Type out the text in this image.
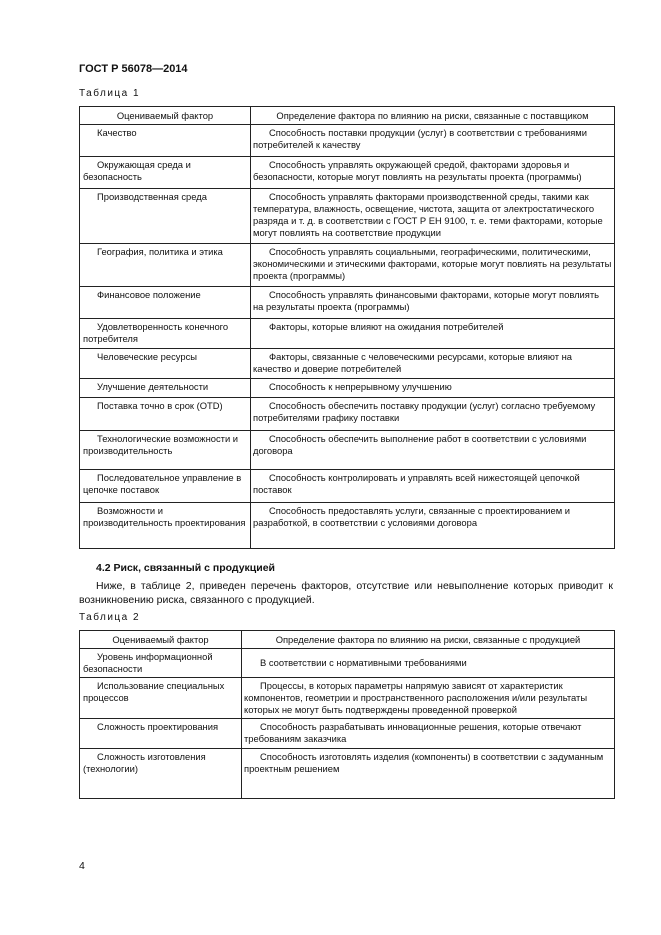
ГОСТ Р 56078—2014
Таблица 1
Оцениваемый фактор	Определение фактора по влиянию на риски, связанные с поставщиком

Качество	Способность поставки продукции (услуг) в соответствии с требованиями потребителей к качеству

Окружающая среда и безопасность	Способность управлять окружающей средой, факторами здоровья и безопасности, которые могут повлиять на результаты проекта (программы)

Производственная среда	Способность управлять факторами производственной среды, такими как температура, влажность, освещение, чистота, защита от электростатического разряда и т. д. в соответствии с ГОСТ Р ЕН 9100, т. е. теми факторами, которые могут повлиять на соответствие продукции

География, политика и этика	Способность управлять социальными, географическими, политическими, экономическими и этическими факторами, которые могут повлиять на результаты проекта (программы)

Финансовое положение	Способность управлять финансовыми факторами, которые могут повлиять на результаты проекта (программы)

Удовлетворенность конечного потребителя	Факторы, которые влияют на ожидания потребителей

Человеческие ресурсы	Факторы, связанные с человеческими ресурсами, которые влияют на качество и доверие потребителей

Улучшение деятельности	Способность к непрерывному улучшению

Поставка точно в срок (OTD)	Способность обеспечить поставку продукции (услуг) согласно требуемому потребителями графику поставки

Технологические возможности и производительность	Способность обеспечить выполнение работ в соответствии с условиями договора

Последовательное управление в цепочке поставок	Способность контролировать и управлять всей нижестоящей цепочкой поставок

Возможности и производительность проектирования	Способность предоставлять услуги, связанные с проектированием и разработкой, в соответствии с условиями договора
4.2 Риск, связанный с продукцией
Ниже, в таблице 2, приведен перечень факторов, отсутствие или невыполнение которых приводит к возникновению риска, связанного с продукцией.
Таблица 2
Оцениваемый фактор	Определение фактора по влиянию на риски, связанные с продукцией

Уровень информационной безопасности	В соответствии с нормативными требованиями

Использование специальных процессов	Процессы, в которых параметры напрямую зависят от характеристик компонентов, геометрии и пространственного расположения и/или результаты которых не могут быть подтверждены проведенной проверкой

Сложность проектирования	Способность разрабатывать инновационные решения, которые отвечают требованиям заказчика

Сложность изготовления (технологии)	Способность изготовлять изделия (компоненты) в соответствии с задуманным проектным решением
4
